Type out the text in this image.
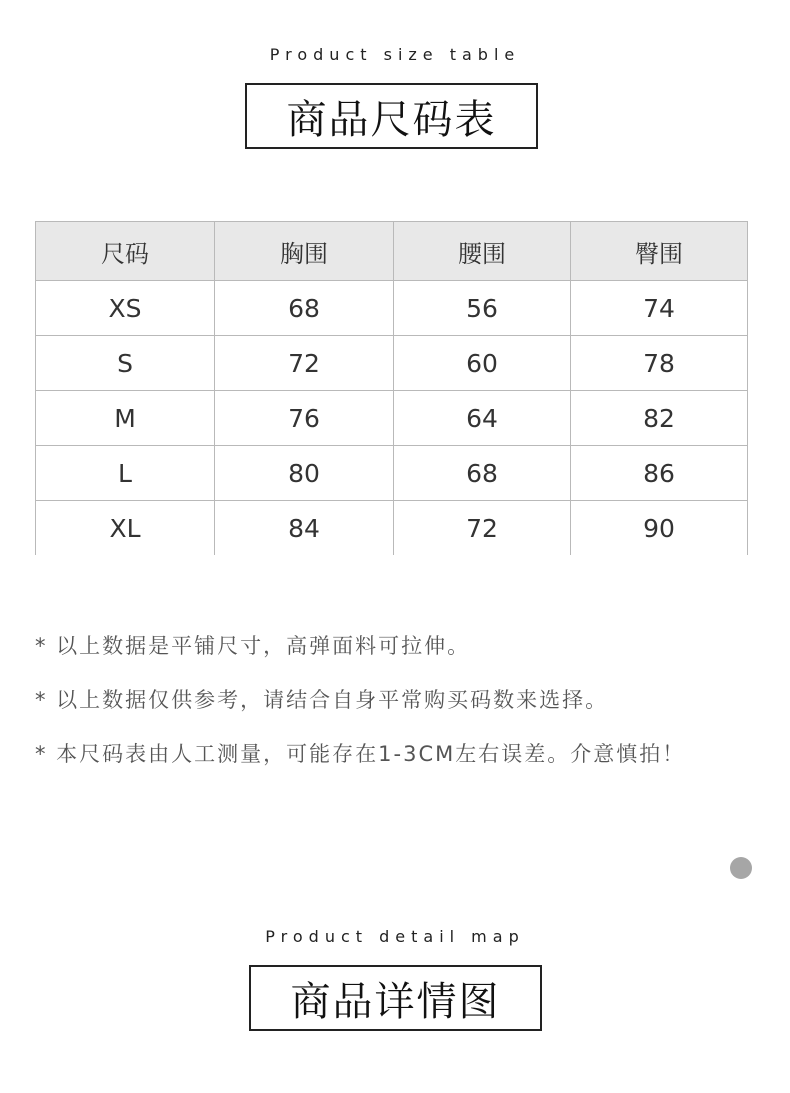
Product size table
商品尺码表
尺码	胸围	腰围	臀围
XS	68	56	74
S	72	60	78
M	76	64	82
L	80	68	86
XL	84	72	90
* 以上数据是平铺尺寸，高弹面料可拉伸。
* 以上数据仅供参考，请结合自身平常购买码数来选择。
* 本尺码表由人工测量，可能存在1-3CM左右误差。介意慎拍！
Product detail map
商品详情图
